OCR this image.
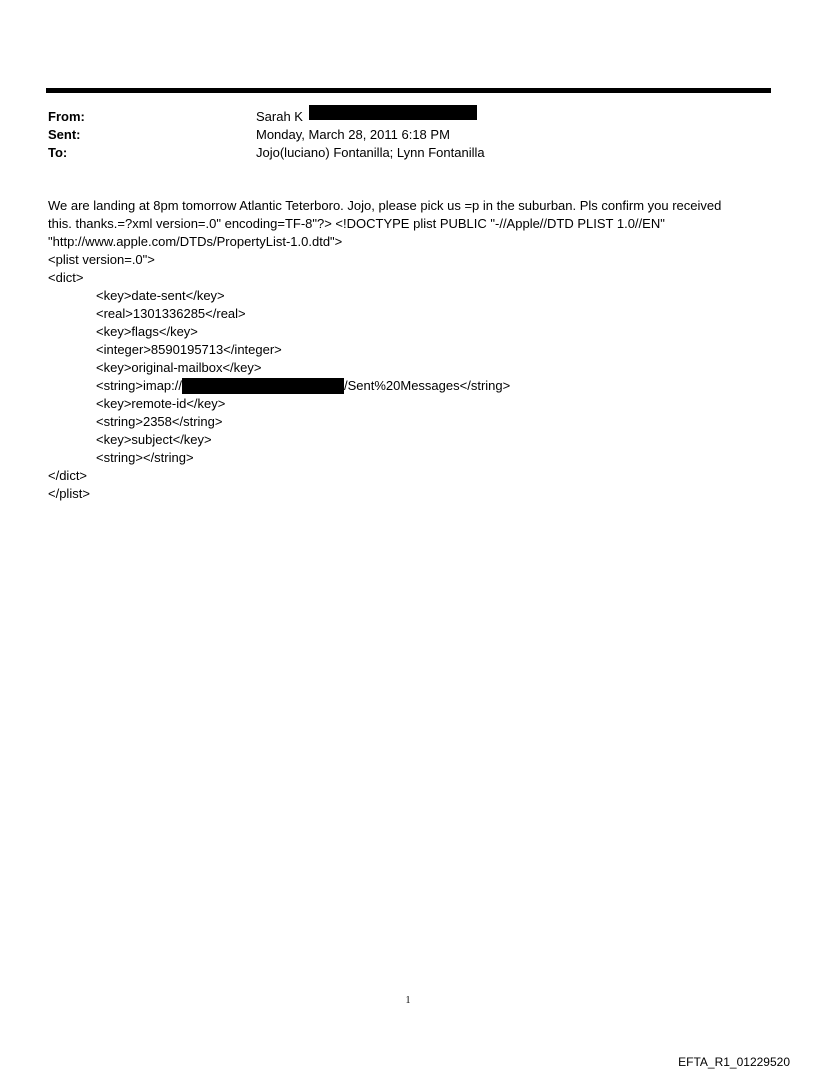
From:	Sarah K
Sent:	Monday, March 28, 2011 6:18 PM
To:	Jojo(luciano) Fontanilla; Lynn Fontanilla
We are landing at 8pm tomorrow Atlantic Teterboro. Jojo, please pick us =p in the suburban. Pls confirm you received
this. thanks.=?xml version=.0" encoding=TF-8"?> <!DOCTYPE plist PUBLIC "-//Apple//DTD PLIST 1.0//EN"
"http://www.apple.com/DTDs/PropertyList-1.0.dtd">
<plist version=.0">
<dict>
<key>date-sent</key>
<real>1301336285</real>
<key>flags</key>
<integer>8590195713</integer>
<key>original-mailbox</key>
<string>imap://	/Sent%20Messages</string>
<key>remote-id</key>
<string>2358</string>
<key>subject</key>
<string></string>
</dict>
</plist>
1
EFTA_R1_01229520
